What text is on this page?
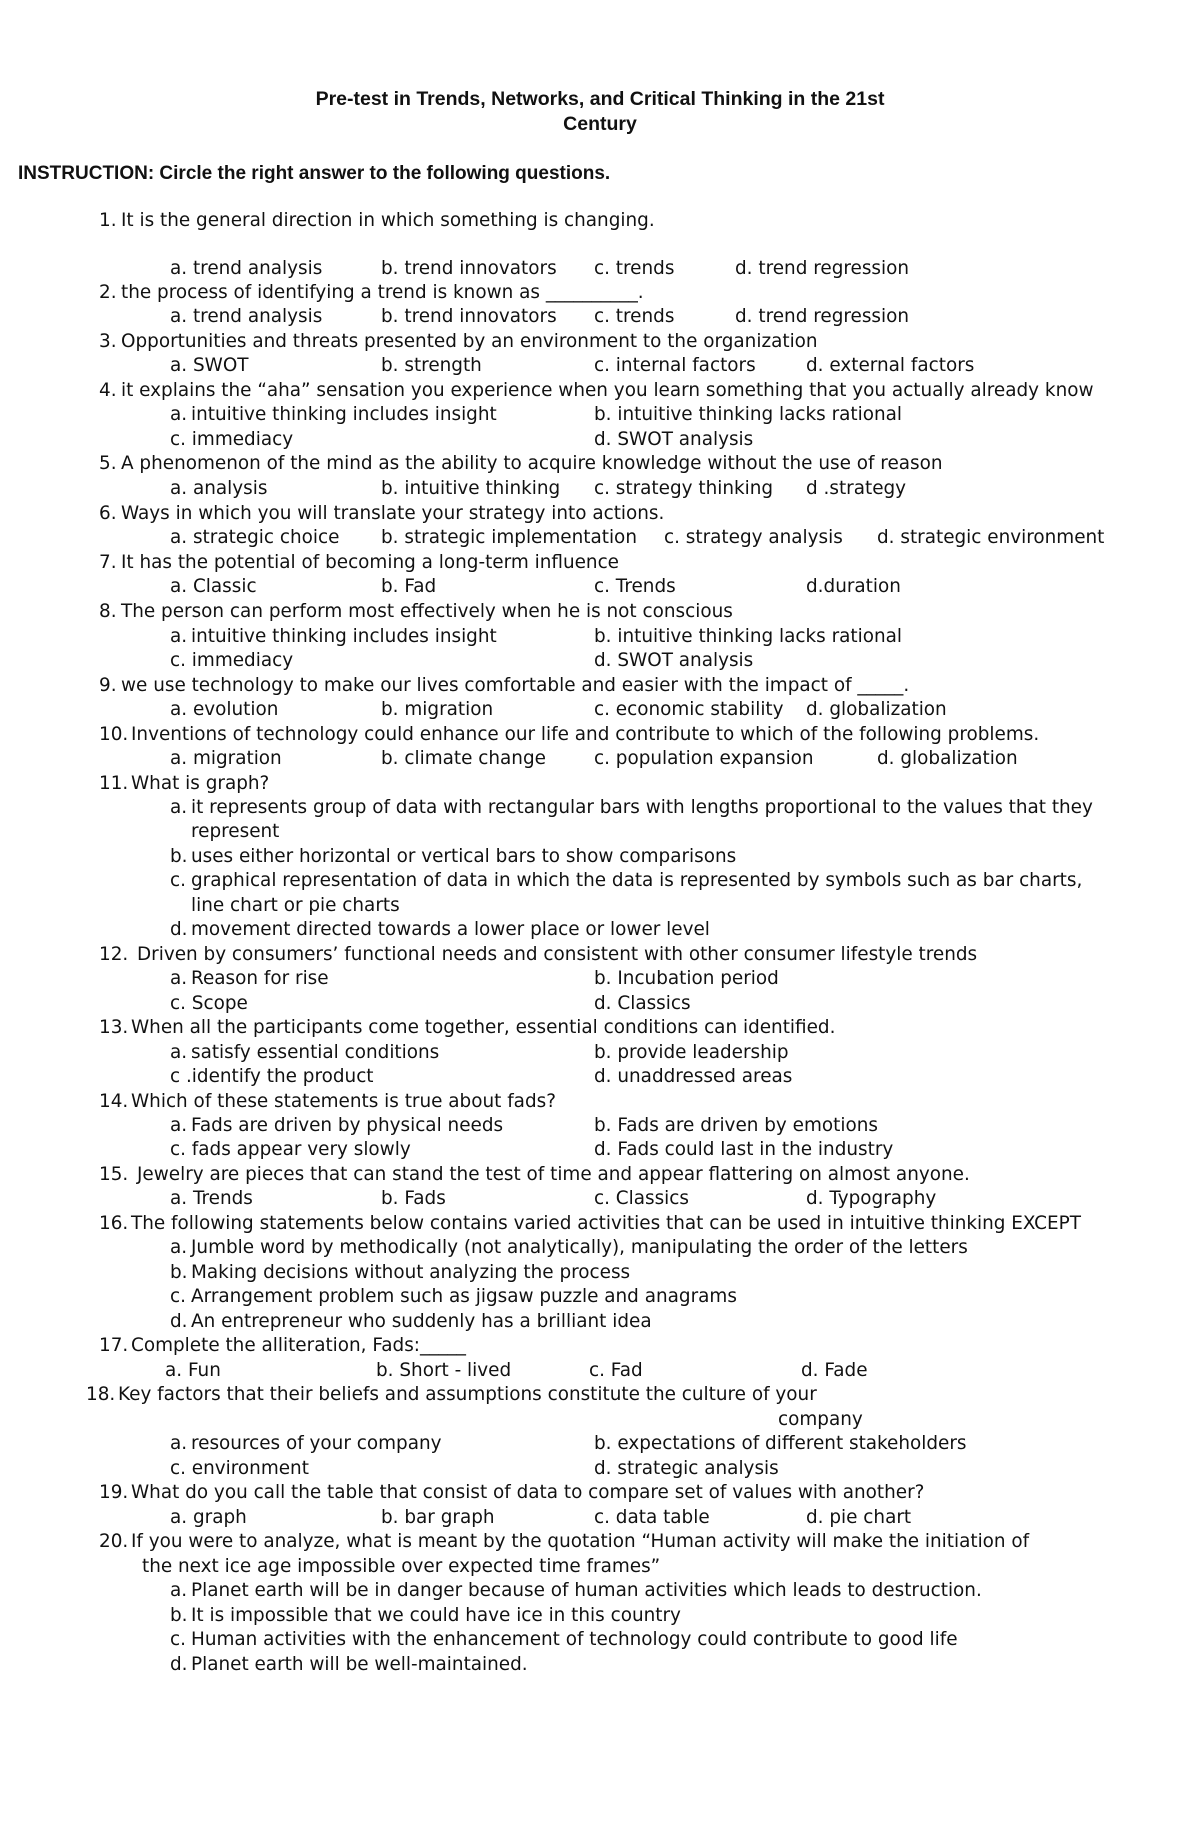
Pre-test in Trends, Networks, and Critical Thinking in the 21st
Century
INSTRUCTION: Circle the right answer to the following questions.
1. It is the general direction in which something is changing.
a. trend analysis	b. trend innovators c. trends	d. trend regression
2. the process of identifying a trend is known as __________.
a. trend analysis	b. trend innovators c. trends	d. trend regression
3. Opportunities and threats presented by an environment to the organization
a. SWOT	b. strength	c. internal factors	d. external factors
4. it explains the “aha” sensation you experience when you learn something that you actually already know
a. intuitive thinking includes insight	b. intuitive thinking lacks rational
c. immediacy	d. SWOT analysis
5. A phenomenon of the mind as the ability to acquire knowledge without the use of reason
a. analysis	b. intuitive thinking c. strategy thinking d .strategy
6. Ways in which you will translate your strategy into actions.
a. strategic choice b. strategic implementation c. strategy analysis d. strategic environment
7. It has the potential of becoming a long-term influence
a. Classic	b. Fad	c. Trends	d.duration
8. The person can perform most effectively when he is not conscious
a. intuitive thinking includes insight	b. intuitive thinking lacks rational
c. immediacy	d. SWOT analysis
9. we use technology to make our lives comfortable and easier with the impact of _____.
a. evolution	b. migration	c. economic stability d. globalization
10. Inventions of technology could enhance our life and contribute to which of the following problems.
a. migration	b. climate change	c. population expansion	d. globalization
11. What is graph?
a. it represents group of data with rectangular bars with lengths proportional to the values that they
represent
b. uses either horizontal or vertical bars to show comparisons
c. graphical representation of data in which the data is represented by symbols such as bar charts,
line chart or pie charts
d. movement directed towards a lower place or lower level
12. Driven by consumers’ functional needs and consistent with other consumer lifestyle trends
a. Reason for rise	b. Incubation period
c. Scope	d. Classics
13. When all the participants come together, essential conditions can identified.
a. satisfy essential conditions	b. provide leadership
c .identify the product	d. unaddressed areas
14. Which of these statements is true about fads?
a. Fads are driven by physical needs	b. Fads are driven by emotions
c. fads appear very slowly	d. Fads could last in the industry
15. Jewelry are pieces that can stand the test of time and appear flattering on almost anyone.
a. Trends	b. Fads	c. Classics	d. Typography
16. The following statements below contains varied activities that can be used in intuitive thinking EXCEPT
a. Jumble word by methodically (not analytically), manipulating the order of the letters
b. Making decisions without analyzing the process
c. Arrangement problem such as jigsaw puzzle and anagrams
d. An entrepreneur who suddenly has a brilliant idea
17. Complete the alliteration, Fads:_____
a. Fun	b. Short - lived	c. Fad	d. Fade
18. Key factors that their beliefs and assumptions constitute the culture of your
company
a. resources of your company	b. expectations of different stakeholders
c. environment	d. strategic analysis
19. What do you call the table that consist of data to compare set of values with another?
a. graph	b. bar graph	c. data table	d. pie chart
20. If you were to analyze, what is meant by the quotation “Human activity will make the initiation of
the next ice age impossible over expected time frames”
a. Planet earth will be in danger because of human activities which leads to destruction.
b. It is impossible that we could have ice in this country
c. Human activities with the enhancement of technology could contribute to good life
d. Planet earth will be well-maintained.
